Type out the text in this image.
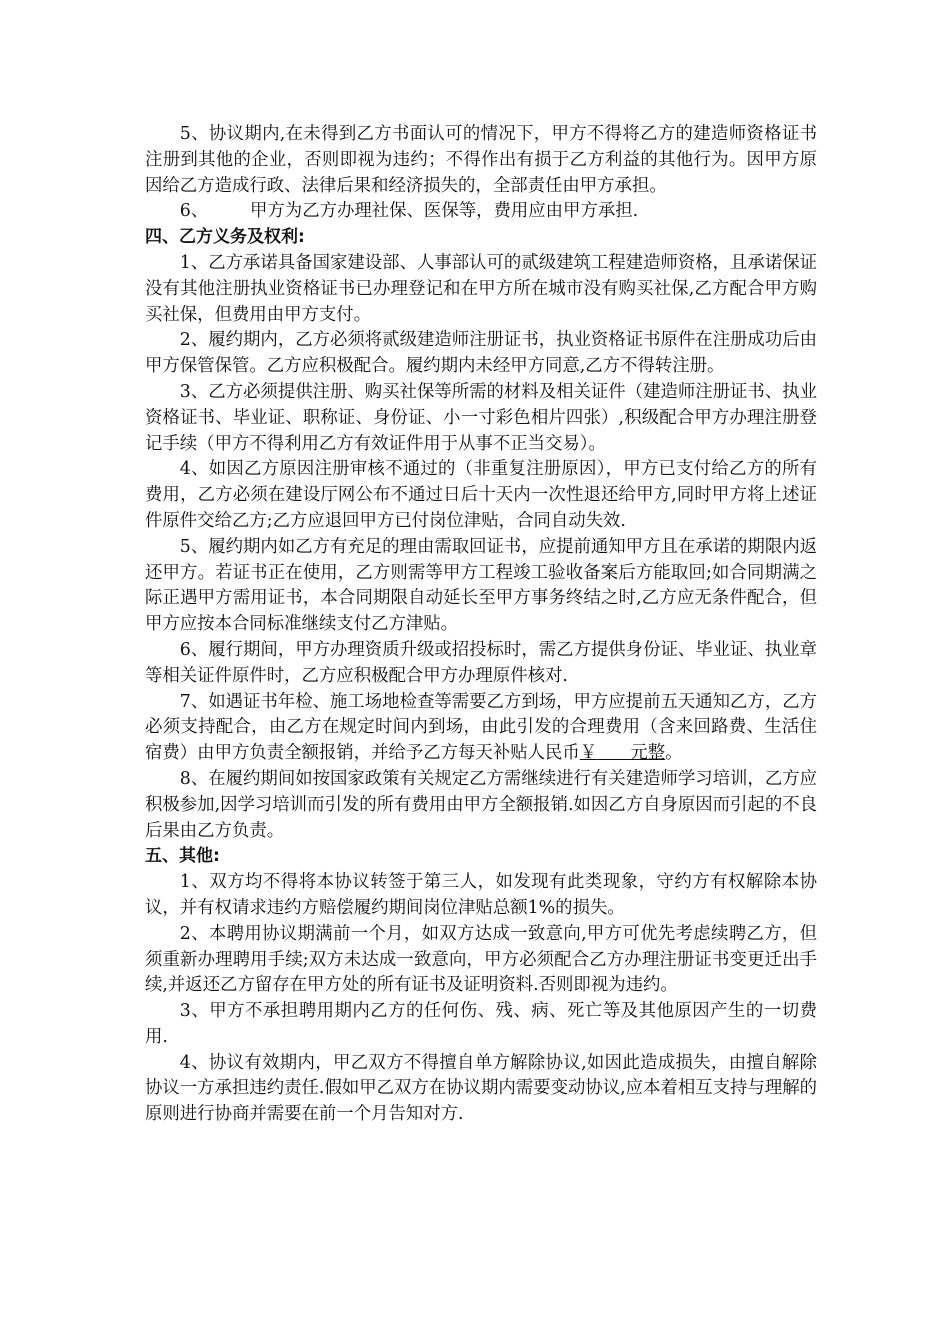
5、协议期内,在未得到乙方书面认可的情况下，甲方不得将乙方的建造师资格证书注册到其他的企业，否则即视为违约；不得作出有损于乙方利益的其他行为。因甲方原因给乙方造成行政、法律后果和经济损失的，全部责任由甲方承担。

6、 甲方为乙方办理社保、医保等，费用应由甲方承担.

四、乙方义务及权利:

1、乙方承诺具备国家建设部、人事部认可的贰级建筑工程建造师资格，且承诺保证没有其他注册执业资格证书已办理登记和在甲方所在城市没有购买社保,乙方配合甲方购买社保，但费用由甲方支付。

2、履约期内，乙方必须将贰级建造师注册证书，执业资格证书原件在注册成功后由甲方保管保管。乙方应积极配合。履约期内未经甲方同意,乙方不得转注册。

3、乙方必须提供注册、购买社保等所需的材料及相关证件（建造师注册证书、执业资格证书、毕业证、职称证、身份证、小一寸彩色相片四张）,积级配合甲方办理注册登记手续（甲方不得利用乙方有效证件用于从事不正当交易）。

4、如因乙方原因注册审核不通过的（非重复注册原因），甲方已支付给乙方的所有费用，乙方必须在建设厅网公布不通过日后十天内一次性退还给甲方,同时甲方将上述证件原件交给乙方;乙方应退回甲方已付岗位津贴，合同自动失效.

5、履约期内如乙方有充足的理由需取回证书，应提前通知甲方且在承诺的期限内返还甲方。若证书正在使用，乙方则需等甲方工程竣工验收备案后方能取回;如合同期满之际正遇甲方需用证书，本合同期限自动延长至甲方事务终结之时,乙方应无条件配合，但甲方应按本合同标准继续支付乙方津贴。

6、履行期间，甲方办理资质升级或招投标时，需乙方提供身份证、毕业证、执业章等相关证件原件时，乙方应积极配合甲方办理原件核对.

7、如遇证书年检、施工场地检查等需要乙方到场，甲方应提前五天通知乙方，乙方必须支持配合，由乙方在规定时间内到场，由此引发的合理费用（含来回路费、生活住宿费）由甲方负责全额报销，并给予乙方每天补贴人民币￥ 元整。

8、在履约期间如按国家政策有关规定乙方需继续进行有关建造师学习培训，乙方应积极参加,因学习培训而引发的所有费用由甲方全额报销.如因乙方自身原因而引起的不良后果由乙方负责。

五、其他:

1、双方均不得将本协议转签于第三人，如发现有此类现象，守约方有权解除本协议，并有权请求违约方赔偿履约期间岗位津贴总额1%的损失。

2、本聘用协议期满前一个月，如双方达成一致意向,甲方可优先考虑续聘乙方，但须重新办理聘用手续;双方未达成一致意向，甲方必须配合乙方办理注册证书变更迁出手续,并返还乙方留存在甲方处的所有证书及证明资料.否则即视为违约。

3、甲方不承担聘用期内乙方的任何伤、残、病、死亡等及其他原因产生的一切费用.

4、协议有效期内，甲乙双方不得擅自单方解除协议,如因此造成损失，由擅自解除协议一方承担违约责任.假如甲乙双方在协议期内需要变动协议,应本着相互支持与理解的原则进行协商并需要在前一个月告知对方.
